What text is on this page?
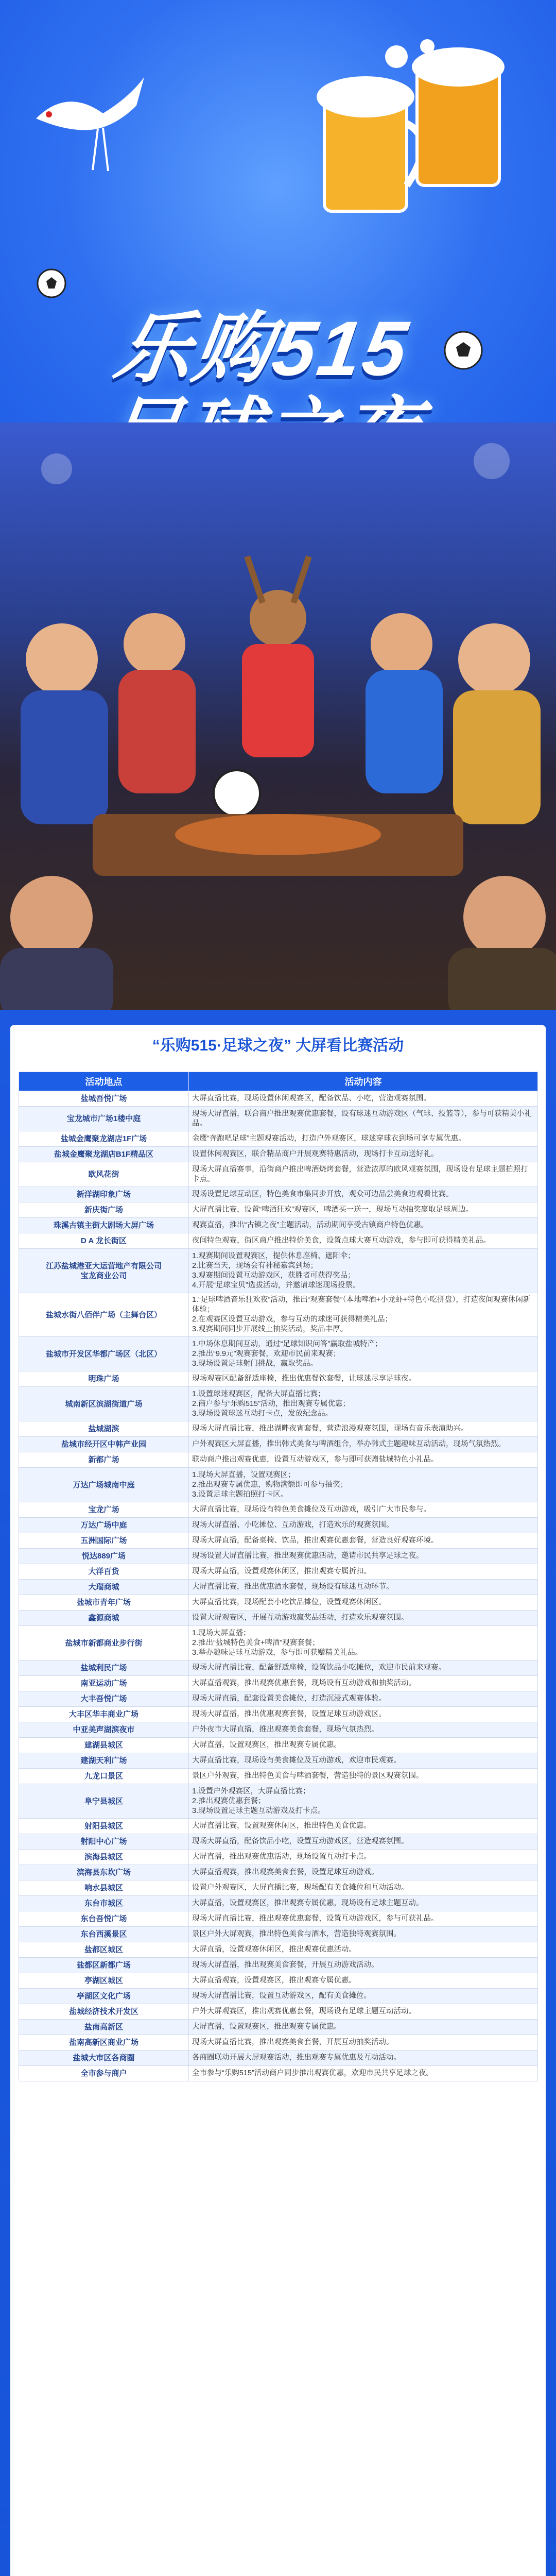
乐购515
“乐购515·足球之夜” 大屏看比赛活动
活动地点	活动内容
盐城吾悦广场	大屏直播比赛，现场设置休闲观赛区，配备饮品、小吃，营造观赛氛围。
宝龙城市广场1楼中庭	现场大屏直播，联合商户推出观赛优惠套餐，设有球迷互动游戏区（气球、投篮等），参与可获精美小礼品。
盐城金鹰聚龙湖店1F广场	金鹰“奔跑吧足球”主题观赛活动，打造户外观赛区，球迷穿球衣到场可享专属优惠。
盐城金鹰聚龙湖店B1F精品区	设置休闲观赛区，联合精品商户开展观赛特惠活动，现场打卡互动送好礼。
欧风花街	现场大屏直播赛事，沿街商户推出啤酒烧烤套餐，营造浓厚的欧风观赛氛围，现场设有足球主题拍照打卡点。
新洋湖印象广场	现场设置足球互动区，特色美食市集同步开放，观众可边品尝美食边观看比赛。
新庆街广场	大屏直播比赛，设置“啤酒狂欢”观赛区，啤酒买一送一，现场互动抽奖赢取足球周边。
珠溪古镇主街大剧场大屏广场	观赛直播，推出“古镇之夜”主题活动，活动期间享受古镇商户特色优惠。
D A 龙长街区	夜间特色观赛，街区商户推出特价美食，设置点球大赛互动游戏，参与即可获得精美礼品。
江苏盐城港亚大运营地产有限公司
宝龙商业公司	1.观赛期间设置观赛区，提供休息座椅、遮阳伞；
2.比赛当天，现场会有神秘嘉宾到场；
3.观赛期间设置互动游戏区，获胜者可获得奖品；
4.开展“足球宝贝”选拔活动，并邀请球迷现场投票。
盐城水街八佰伴广场（主舞台区）	1.“足球啤酒音乐狂欢夜”活动，推出“观赛套餐”（本地啤酒+小龙虾+特色小吃拼盘），打造夜间观赛休闲新体验；
2.在观赛区设置互动游戏，参与互动的球迷可获得精美礼品；
3.观赛期间同步开展线上抽奖活动，奖品丰厚。
盐城市开发区华都广场区（北区）	1.中场休息期间互动，通过“足球知识问答”赢取盐城特产；
2.推出“9.9元”观赛套餐，欢迎市民前来观赛；
3.现场设置足球射门挑战，赢取奖品。
明珠广场	现场观赛区配备舒适座椅，推出优惠餐饮套餐，让球迷尽享足球夜。
城南新区滨湖街道广场	1.设置球迷观赛区，配备大屏直播比赛；
2.商户参与“乐购515”活动，推出观赛专属优惠；
3.现场设置球迷互动打卡点，发放纪念品。
盐城湖滨	现场大屏直播比赛，推出湖畔夜宵套餐，营造浪漫观赛氛围，现场有音乐表演助兴。
盐城市经开区中韩产业园	户外观赛区大屏直播，推出韩式美食与啤酒组合，举办韩式主题趣味互动活动，现场气氛热烈。
新都广场	联动商户推出观赛优惠，设置互动游戏区，参与即可获赠盐城特色小礼品。
万达广场城南中庭	1.现场大屏直播，设置观赛区；
2.推出观赛专属优惠，购物满额即可参与抽奖；
3.设置足球主题拍照打卡区。
宝龙广场	大屏直播比赛，现场设有特色美食摊位及互动游戏，吸引广大市民参与。
万达广场中庭	现场大屏直播、小吃摊位、互动游戏，打造欢乐的观赛氛围。
五洲国际广场	现场大屏直播，配备桌椅、饮品，推出观赛优惠套餐，营造良好观赛环境。
悦达889广场	现场设置大屏直播比赛，推出观赛优惠活动，邀请市民共享足球之夜。
大洋百货	现场大屏直播，设置观赛休闲区，推出观赛专属折扣。
大瑞商城	大屏直播比赛，推出优惠酒水套餐，现场设有球迷互动环节。
盐城市青年广场	大屏直播比赛，现场配套小吃饮品摊位，设置观赛休闲区。
鑫源商城	设置大屏观赛区，开展互动游戏赢奖品活动，打造欢乐观赛氛围。
盐城市新都商业步行街	1.现场大屏直播；
2.推出“盐城特色美食+啤酒”观赛套餐；
3.举办趣味足球互动游戏，参与即可获赠精美礼品。
盐城利民广场	现场大屏直播比赛，配备舒适座椅，设置饮品小吃摊位，欢迎市民前来观赛。
南亚运动广场	大屏直播观赛，推出观赛优惠套餐，现场设有互动游戏和抽奖活动。
大丰吾悦广场	现场大屏直播，配套设置美食摊位，打造沉浸式观赛体验。
大丰区华丰商业广场	现场大屏直播，推出优惠观赛套餐，设置足球互动游戏区。
中亚美声湖滨夜市	户外夜市大屏直播，推出观赛美食套餐，现场气氛热烈。
建湖县城区	大屏直播，设置观赛区，推出观赛专属优惠。
建湖天利广场	大屏直播比赛，现场设有美食摊位及互动游戏，欢迎市民观赛。
九龙口景区	景区户外观赛，推出特色美食与啤酒套餐，营造独特的景区观赛氛围。
阜宁县城区	1.设置户外观赛区，大屏直播比赛；
2.推出观赛优惠套餐；
3.现场设置足球主题互动游戏及打卡点。
射阳县城区	大屏直播比赛，设置观赛休闲区，推出特色美食优惠。
射阳中心广场	现场大屏直播，配备饮品小吃，设置互动游戏区，营造观赛氛围。
滨海县城区	大屏直播，推出观赛优惠活动，现场设置互动打卡点。
滨海县东坎广场	大屏直播观赛，推出观赛美食套餐，设置足球互动游戏。
响水县城区	设置户外观赛区，大屏直播比赛，现场配有美食摊位和互动活动。
东台市城区	大屏直播，设置观赛区，推出观赛专属优惠，现场设有足球主题互动。
东台吾悦广场	现场大屏直播比赛，推出观赛优惠套餐，设置互动游戏区，参与可获礼品。
东台西溪景区	景区户外大屏观赛，推出特色美食与酒水，营造独特观赛氛围。
盐都区城区	大屏直播，设置观赛休闲区，推出观赛优惠活动。
盐都区新都广场	现场大屏直播，推出观赛美食套餐，开展互动游戏活动。
亭湖区城区	大屏直播观赛，设置观赛区，推出观赛专属优惠。
亭湖区文化广场	现场大屏直播比赛，设置互动游戏区，配有美食摊位。
盐城经济技术开发区	户外大屏观赛区，推出观赛优惠套餐，现场设有足球主题互动活动。
盐南高新区	大屏直播，设置观赛区，推出观赛专属优惠。
盐南高新区商业广场	现场大屏直播比赛，推出观赛美食套餐，开展互动抽奖活动。
盐城大市区各商圈	各商圈联动开展大屏观赛活动，推出观赛专属优惠及互动活动。
全市参与商户	全市参与“乐购515”活动商户同步推出观赛优惠，欢迎市民共享足球之夜。
